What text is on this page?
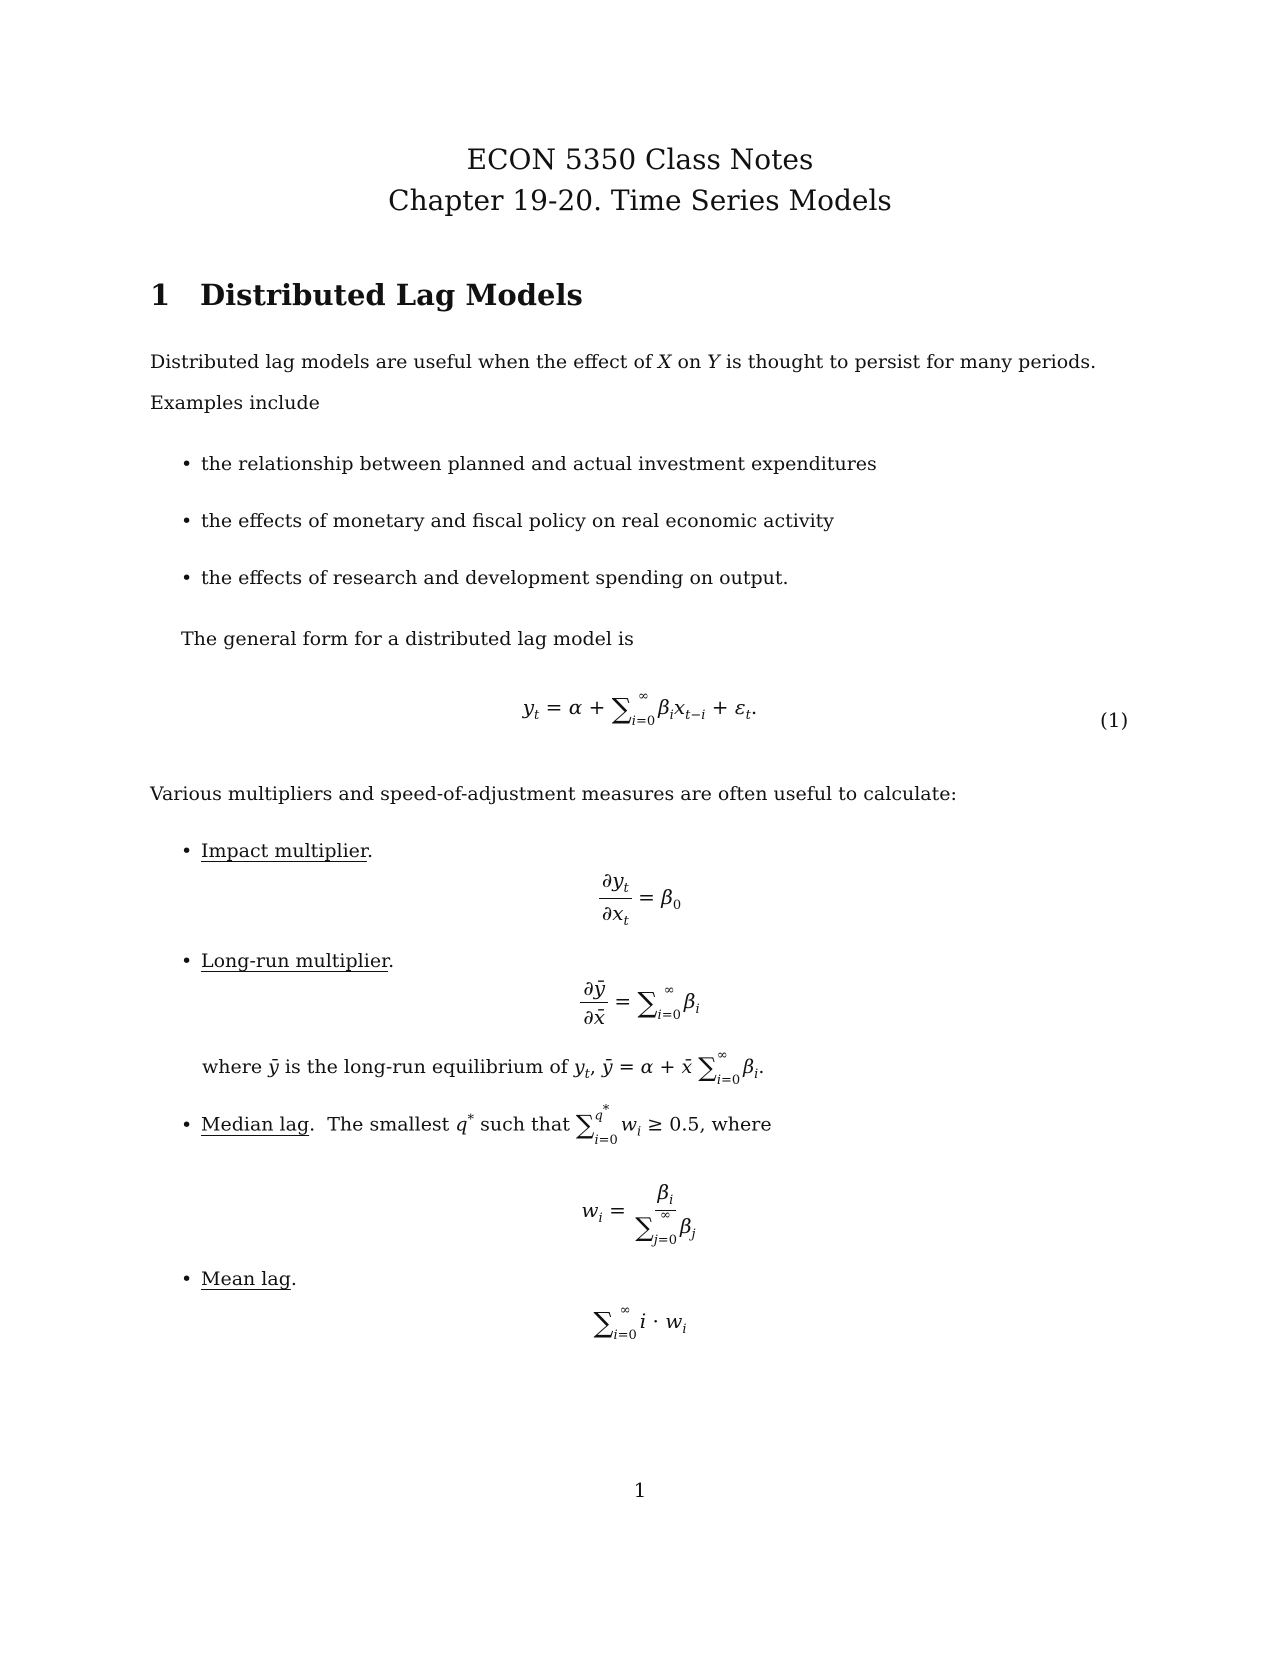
ECON 5350 Class Notes
Chapter 19-20. Time Series Models
1 Distributed Lag Models
Distributed lag models are useful when the effect of X on Y is thought to persist for many periods. Examples include
• the relationship between planned and actual investment expenditures
• the effects of monetary and fiscal policy on real economic activity
• the effects of research and development spending on output.
The general form for a distributed lag model is
$y_t = \alpha$ + ∑ ∞
i=0
$\beta_ix_{t-i} + \varepsilon_t$.
(1)
Various multipliers and speed-of-adjustment measures are often useful to calculate:
• Impact multiplier.
$\frac{\partial y_t}{\partial x_t} = \beta_0$
• Long-run multiplier.
$\frac{\partial ȳ}{\partial x̄}$ = ∑ ∞
i=0
$\beta_i$
where ȳ is the long-run equilibrium of $y_t$, ȳ = α + x̄ ∑ ∞
i=0
$\beta_i$.
• Median lag. The smallest q* such that ∑ q*
i=0
$w_i \ge 0.5$, where
$w_i = \beta_i$
∑ ∞
j=0
$\beta_j$
• Mean lag.
∑ ∞
i=0
$i \cdot w_i$
1
